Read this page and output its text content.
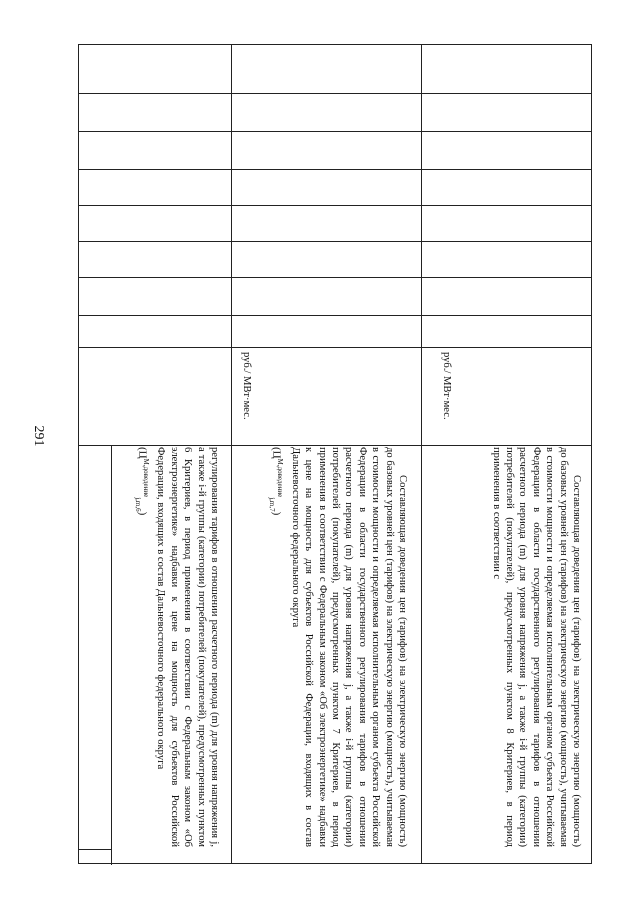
291

регулирования тарифов в отношении расчетного периода (m) для уровня напряжения j, а также i-й группы (категории) потребителей (покупателей), предусмотренных пунктом 6 Критериев, в период применения в соответствии с Федеральным законом «Об электроэнергетике» надбавки к цене на мощность для субъектов Российской Федерации, входящих в состав Дальневосточного федерального округа

$(Ц^{М,доведение}_{j,m,6})$	Составляющая доведения цен (тарифов) на электрическую энергию (мощность) до базовых уровней цен (тарифов) на электрическую энергию (мощность), учитываемая в стоимости мощности и определяемая исполнительным органом субъекта Российской Федерации в области государственного регулирования тарифов в отношении расчетного периода (m) для уровня напряжения j, а также i-й группы (категории) потребителей (покупателей), предусмотренных пунктом 7 Критериев, в период применения в соответствии с Федеральным законом «Об электроэнергетике» надбавки к цене на мощность для субъектов Российской Федерации, входящих в состав Дальневосточного федерального округа

$(Ц^{М,доведение}_{j,m,7})$
руб./ МВт·мес.

Составляющая доведения цен (тарифов) на электрическую энергию (мощность) до базовых уровней цен (тарифов) на электрическую энергию (мощность), учитываемая в стоимости мощности и определяемая исполнительным органом субъекта Российской Федерации в области государственного регулирования тарифов в отношении расчетного периода (m) для уровня напряжения j, а также i-й группы (категории) потребителей (покупателей), предусмотренных пунктом 8 Критериев, в период применения в соответствии с

руб./ МВт·мес.
